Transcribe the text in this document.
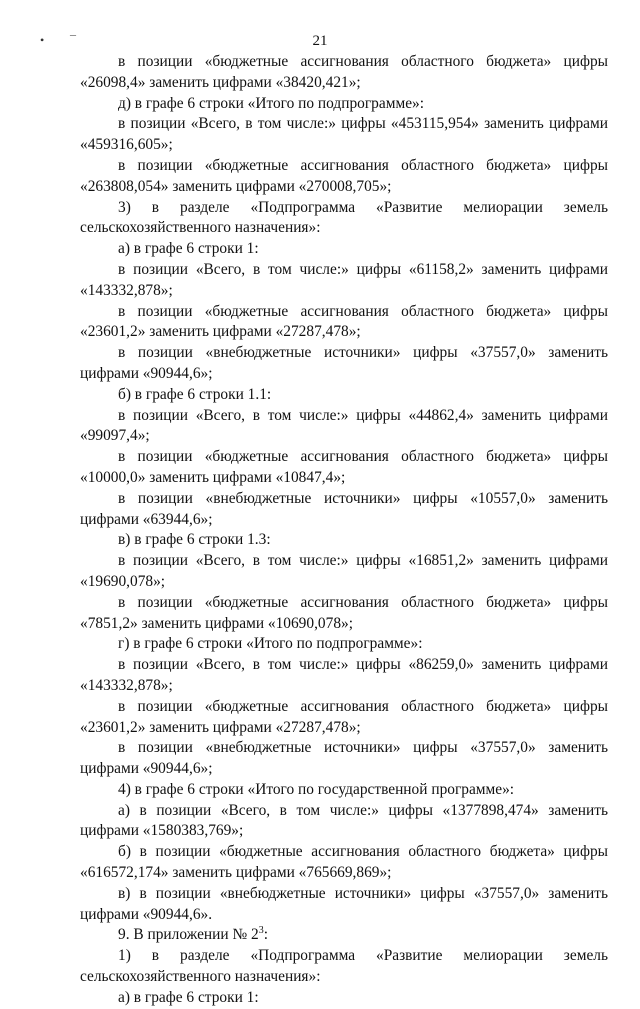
• ¯	21

в позиции «бюджетные ассигнования областного бюджета» цифры «26098,4» заменить цифрами «38420,421»;

д) в графе 6 строки «Итого по подпрограмме»:

в позиции «Всего, в том числе:» цифры «453115,954» заменить цифрами «459316,605»;

в позиции «бюджетные ассигнования областного бюджета» цифры «263808,054» заменить цифрами «270008,705»;

3) в разделе «Подпрограмма «Развитие мелиорации земель сельскохозяйственного назначения»:

а) в графе 6 строки 1:

в позиции «Всего, в том числе:» цифры «61158,2» заменить цифрами «143332,878»;

в позиции «бюджетные ассигнования областного бюджета» цифры «23601,2» заменить цифрами «27287,478»;

в позиции «внебюджетные источники» цифры «37557,0» заменить цифрами «90944,6»;

б) в графе 6 строки 1.1:

в позиции «Всего, в том числе:» цифры «44862,4» заменить цифрами «99097,4»;

в позиции «бюджетные ассигнования областного бюджета» цифры «10000,0» заменить цифрами «10847,4»;

в позиции «внебюджетные источники» цифры «10557,0» заменить цифрами «63944,6»;

в) в графе 6 строки 1.3:

в позиции «Всего, в том числе:» цифры «16851,2» заменить цифрами «19690,078»;

в позиции «бюджетные ассигнования областного бюджета» цифры «7851,2» заменить цифрами «10690,078»;

г) в графе 6 строки «Итого по подпрограмме»:

в позиции «Всего, в том числе:» цифры «86259,0» заменить цифрами «143332,878»;

в позиции «бюджетные ассигнования областного бюджета» цифры «23601,2» заменить цифрами «27287,478»;

в позиции «внебюджетные источники» цифры «37557,0» заменить цифрами «90944,6»;

4) в графе 6 строки «Итого по государственной программе»:

а) в позиции «Всего, в том числе:» цифры «1377898,474» заменить цифрами «1580383,769»;

б) в позиции «бюджетные ассигнования областного бюджета» цифры «616572,174» заменить цифрами «765669,869»;

в) в позиции «внебюджетные источники» цифры «37557,0» заменить цифрами «90944,6».

9. В приложении № $2^3$:

1) в разделе «Подпрограмма «Развитие мелиорации земель сельскохозяйственного назначения»:

а) в графе 6 строки 1:
